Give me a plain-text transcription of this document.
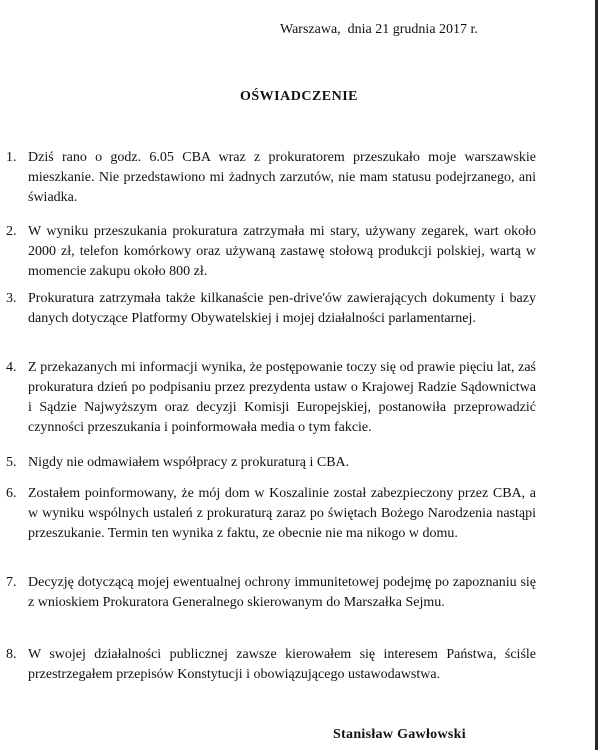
Warszawa,  dnia 21 grudnia 2017 r.
OŚWIADCZENIE
1. Dziś rano o godz. 6.05 CBA wraz z prokuratorem przeszukało moje warszawskie mieszkanie. Nie przedstawiono mi żadnych zarzutów, nie mam statusu podejrzanego, ani świadka.
2. W wyniku przeszukania prokuratura zatrzymała mi stary, używany zegarek, wart około 2000 zł, telefon komórkowy oraz używaną zastawę stołową produkcji polskiej, wartą w momencie zakupu około 800 zł.
3. Prokuratura zatrzymała także kilkanaście pen-drive'ów zawierających dokumenty i bazy danych dotyczące Platformy Obywatelskiej i mojej działalności parlamentarnej.
4. Z przekazanych mi informacji wynika, że postępowanie toczy się od prawie pięciu lat, zaś prokuratura dzień po podpisaniu przez prezydenta ustaw o Krajowej Radzie Sądownictwa i Sądzie Najwyższym oraz decyzji Komisji Europejskiej, postanowiła przeprowadzić czynności przeszukania i poinformowała media o tym fakcie.
5. Nigdy nie odmawiałem współpracy z prokuraturą i CBA.
6. Zostałem poinformowany, że mój dom w Koszalinie został zabezpieczony przez CBA, a w wyniku wspólnych ustaleń z prokuraturą zaraz po świętach Bożego Narodzenia nastąpi przeszukanie. Termin ten wynika z faktu, ze obecnie nie ma nikogo w domu.
7. Decyzję dotyczącą mojej ewentualnej ochrony immunitetowej podejmę po zapoznaniu się z wnioskiem Prokuratora Generalnego skierowanym do Marszałka Sejmu.
8. W swojej działalności publicznej zawsze kierowałem się interesem Państwa, ściśle przestrzegałem przepisów Konstytucji i obowiązującego ustawodawstwa.
Stanisław Gawłowski
